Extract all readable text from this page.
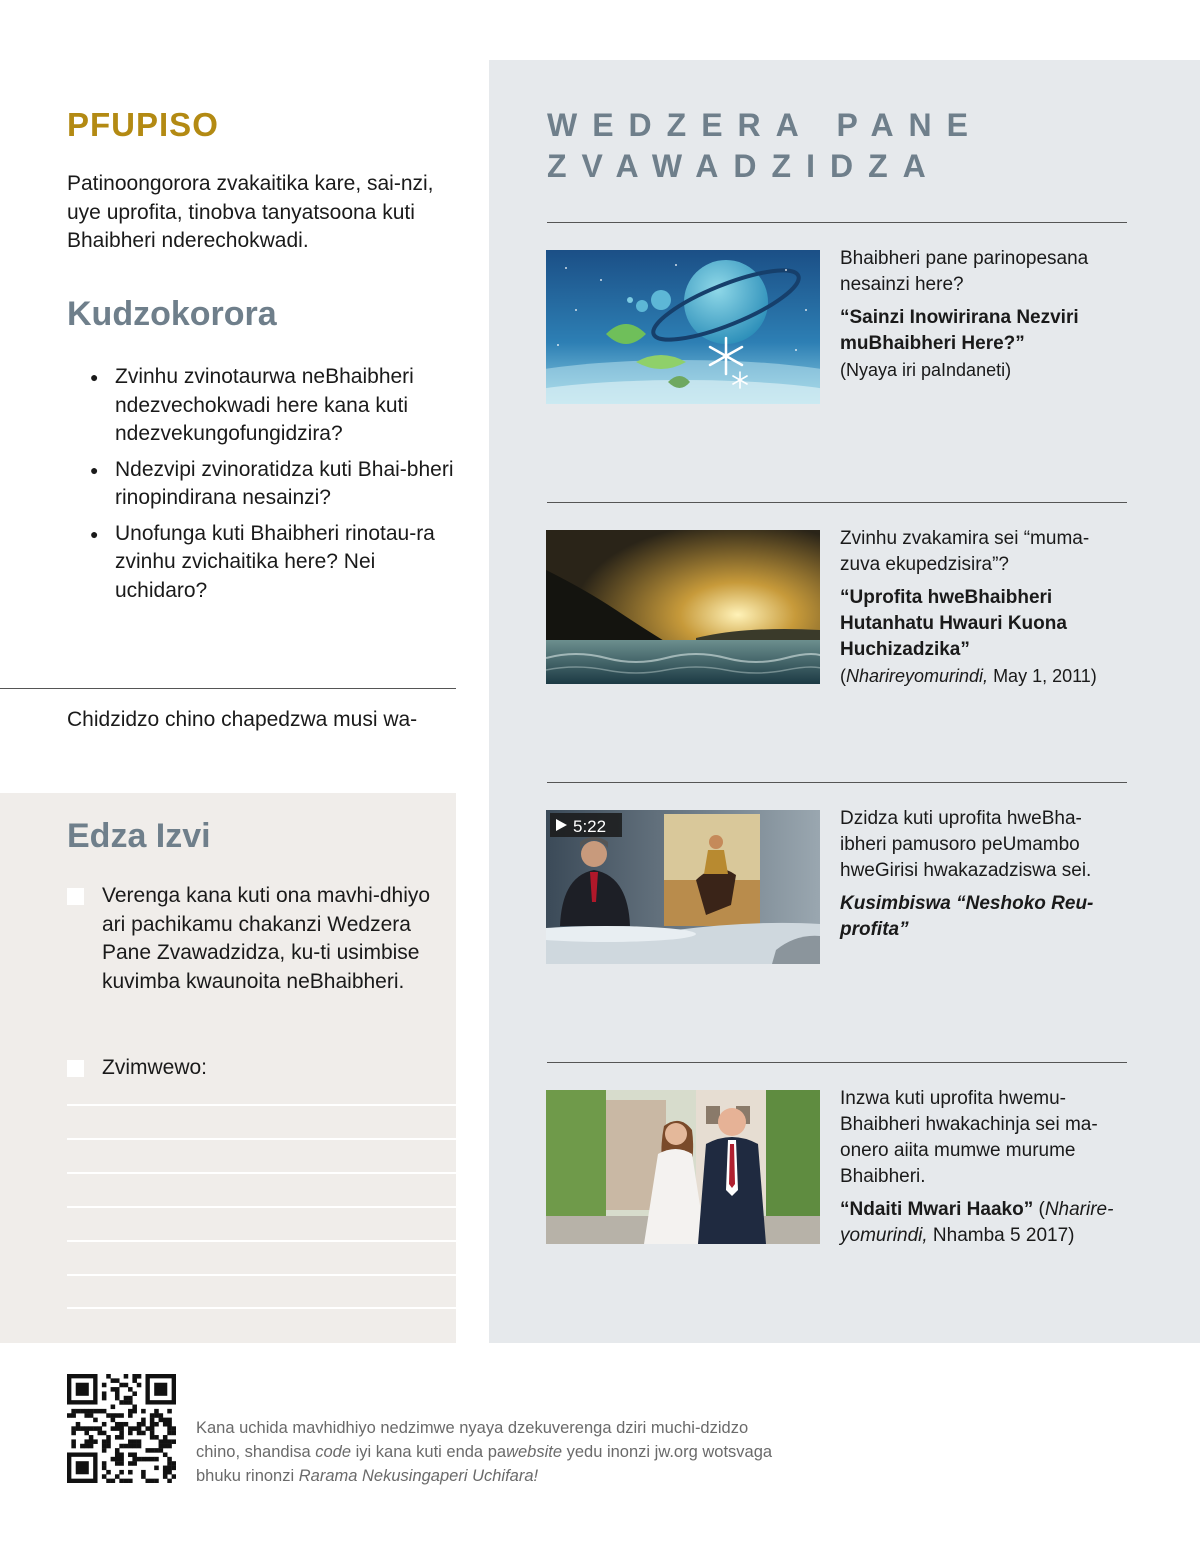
PFUPISO

Patinoongorora zvakaitika kare, sai-nzi, uye uprofita, tinobva tanyatsoona kuti Bhaibheri nderechokwadi.

Kudzokorora
● Zvinhu zvinotaurwa neBhaibheri ndezvechokwadi here kana kuti ndezvekungofungidzira?
● Ndezvipi zvinoratidza kuti Bhai-bheri rinopindirana nesainzi?
● Unofunga kuti Bhaibheri rinotau-ra zvinhu zvichaitika here? Nei uchidaro?

Chidzidzo chino chapedzwa musi wa-

Edza Izvi
Verenga kana kuti ona mavhi-dhiyo ari pachikamu chakanzi Wedzera Pane Zvawadzidza, ku-ti usimbise kuvimba kwaunoita neBhaibheri.
Zvimwewo:
WEDZERA PANE ZVAWADZIDZA

Bhaibheri pane parinopesana nesainzi here?

“Sainzi Inowirirana Nezviri muBhaibheri Here?”

(Nyaya iri paIndaneti)

Zvinhu zvakamira sei “muma-zuva ekupedzisira”?

“Uprofita hweBhaibheri Hutanhatu Hwauri Kuona Huchizadzika”

(Nharireyomurindi, May 1, 2011)

5:22	Dzidza kuti uprofita hweBha-ibheri pamusoro peUmambo hweGirisi hwakazadziswa sei.

Kusimbiswa “Neshoko Reu-profita”

Inzwa kuti uprofita hwemu-Bhaibheri hwakachinja sei ma-onero aiita mumwe murume Bhaibheri.

“Ndaiti Mwari Haako” (Nharire-yomurindi, Nhamba 5 2017)

Kana uchida mavhidhiyo nedzimwe nyaya dzekuverenga dziri muchi-dzidzo chino, shandisa code iyi kana kuti enda pawebsite yedu inonzi jw.org wotsvaga bhuku rinonzi Rarama Nekusingaperi Uchifara!
